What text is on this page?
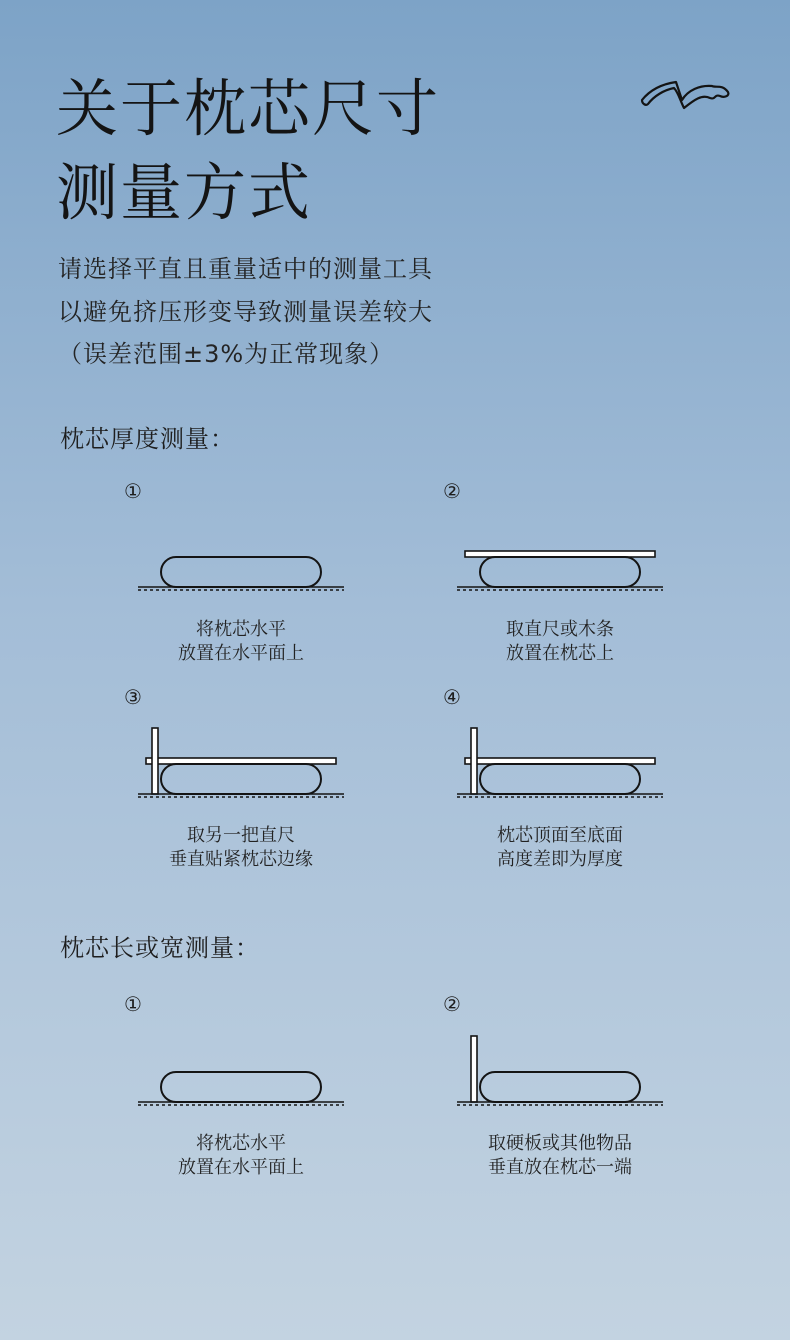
关于枕芯尺寸
测量方式
请选择平直且重量适中的测量工具
以避免挤压形变导致测量误差较大
（误差范围±3%为正常现象）
枕芯厚度测量：
①
将枕芯水平
放置在水平面上
②
取直尺或木条
放置在枕芯上
③
取另一把直尺
垂直贴紧枕芯边缘
④
枕芯顶面至底面
高度差即为厚度
枕芯长或宽测量：
①
将枕芯水平
放置在水平面上
②
取硬板或其他物品
垂直放在枕芯一端
